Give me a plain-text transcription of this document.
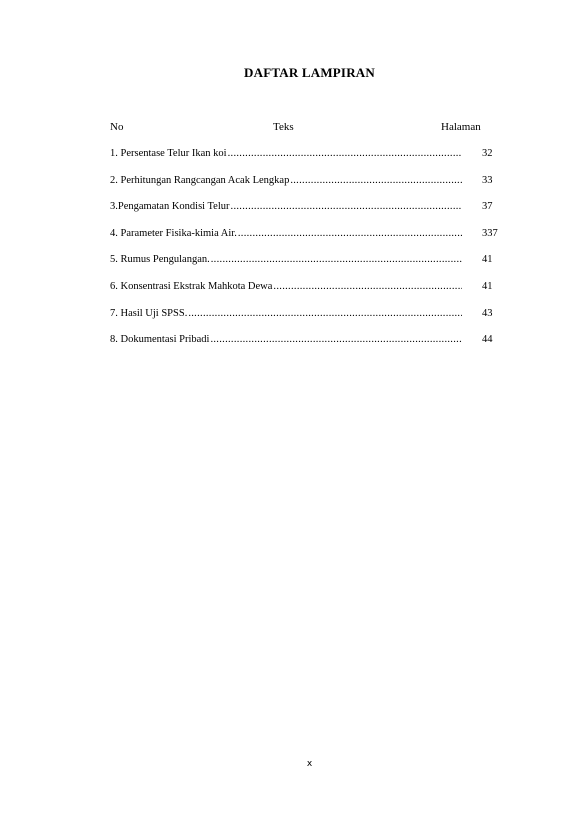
DAFTAR LAMPIRAN
No	Teks	Halaman
1. Persentase Telur Ikan koi .....	32
2. Perhitungan Rangcangan Acak Lengkap .....	33
3.Pengamatan Kondisi Telur .....	37
4. Parameter Fisika-kimia Air. .....	337
5. Rumus Pengulangan. .....	41
6. Konsentrasi Ekstrak Mahkota Dewa .....	41
7. Hasil Uji SPSS. .....	43
8. Dokumentasi Pribadi .....	44
x
